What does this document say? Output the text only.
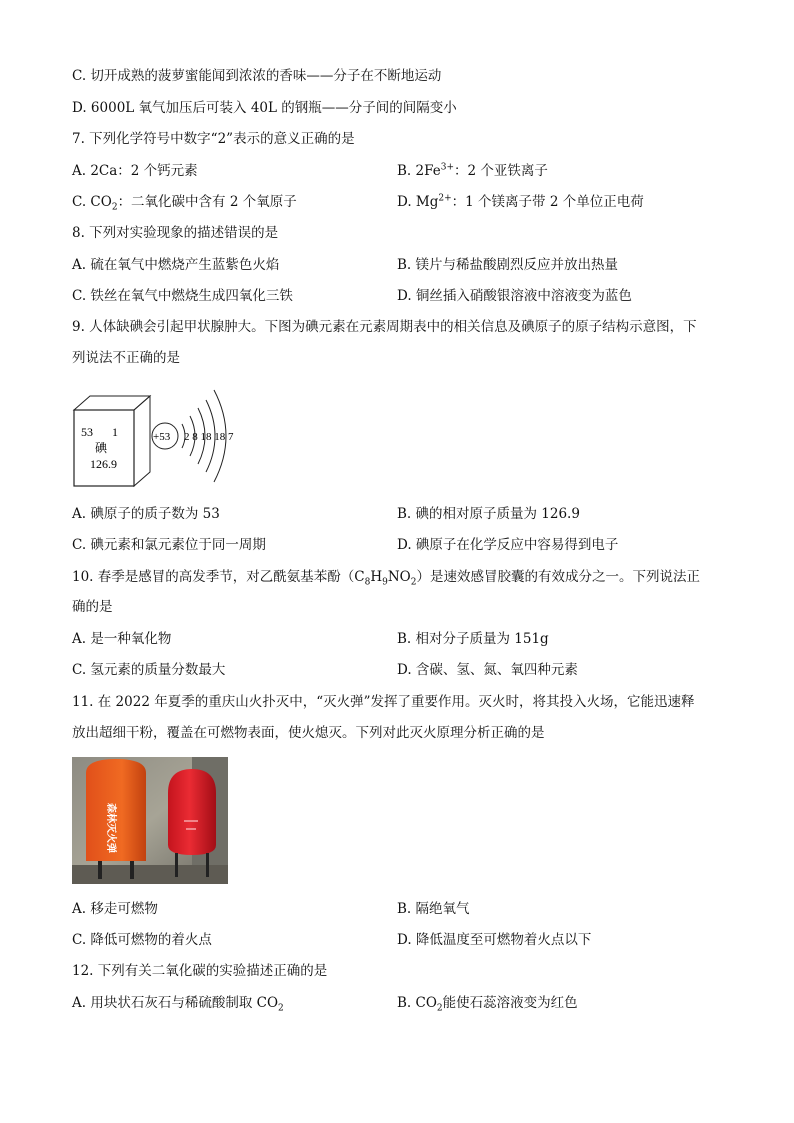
C. 切开成熟的菠萝蜜能闻到浓浓的香味——分子在不断地运动
D. 6000L 氧气加压后可装入 40L 的钢瓶——分子间的间隔变小
7. 下列化学符号中数字“2”表示的意义正确的是
A. 2Ca：2 个钙元素	B. $2Fe^{3+}$：2 个亚铁离子
C. $CO_2$：二氧化碳中含有 2 个氧原子	D. $Mg^{2+}$：1 个镁离子带 2 个单位正电荷
8. 下列对实验现象的描述错误的是
A. 硫在氧气中燃烧产生蓝紫色火焰	B. 镁片与稀盐酸剧烈反应并放出热量
C. 铁丝在氧气中燃烧生成四氧化三铁	D. 铜丝插入硝酸银溶液中溶液变为蓝色
9. 人体缺碘会引起甲状腺肿大。下图为碘元素在元素周期表中的相关信息及碘原子的原子结构示意图，下
列说法不正确的是
53 1
碘
126.9
+53 2 8 18 18 7
A. 碘原子的质子数为 53	B. 碘的相对原子质量为 126.9
C. 碘元素和氯元素位于同一周期	D. 碘原子在化学反应中容易得到电子
10. 春季是感冒的高发季节，对乙酰氨基苯酚$(C_8H_9NO_2)$是速效感冒胶囊的有效成分之一。下列说法正
确的是
A. 是一种氧化物	B. 相对分子质量为 151g
C. 氢元素的质量分数最大	D. 含碳、氢、氮、氧四种元素
11. 在 2022 年夏季的重庆山火扑灭中，“灭火弹”发挥了重要作用。灭火时，将其投入火场，它能迅速释
放出超细干粉，覆盖在可燃物表面，使火熄灭。下列对此灭火原理分析正确的是
森林灭火弹
A. 移走可燃物	B. 隔绝氧气
C. 降低可燃物的着火点	D. 降低温度至可燃物着火点以下
12. 下列有关二氧化碳的实验描述正确的是
A. 用块状石灰石与稀硫酸制取 $CO_2$	B. $CO_2$能使石蕊溶液变为红色
